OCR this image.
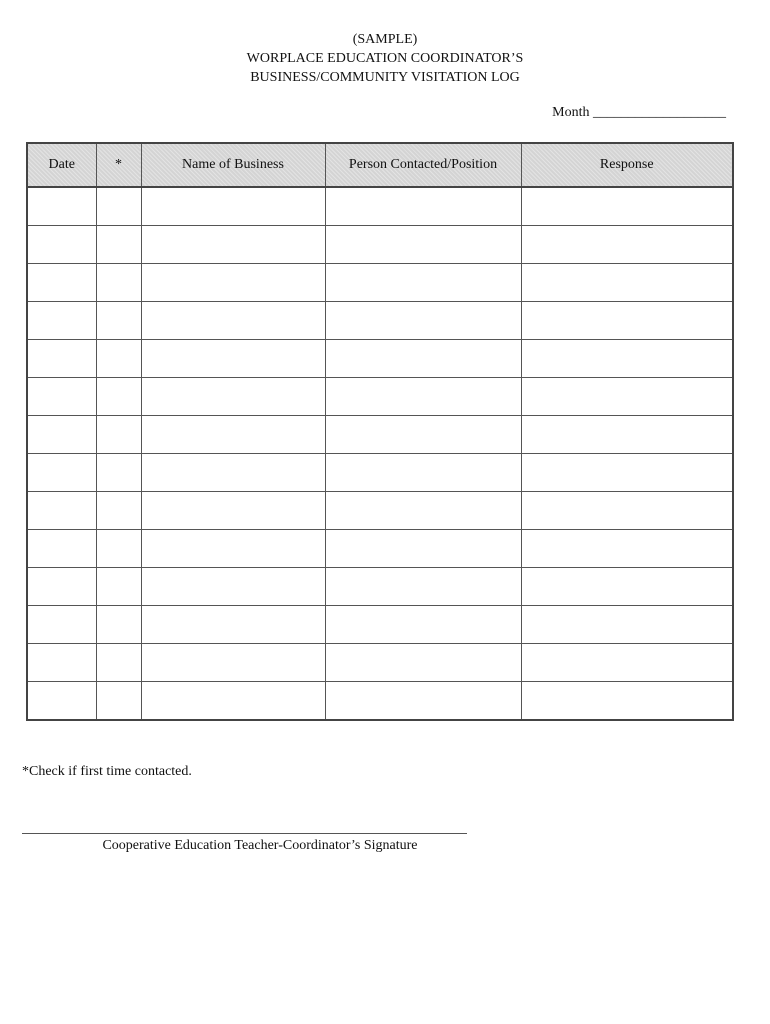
(SAMPLE)
WORPLACE EDUCATION COORDINATOR’S
BUSINESS/COMMUNITY VISITATION LOG
Month ___________________
Date	*	Name of Business	Person Contacted/Position	Response

*Check if first time contacted.
Cooperative Education Teacher-Coordinator’s Signature
